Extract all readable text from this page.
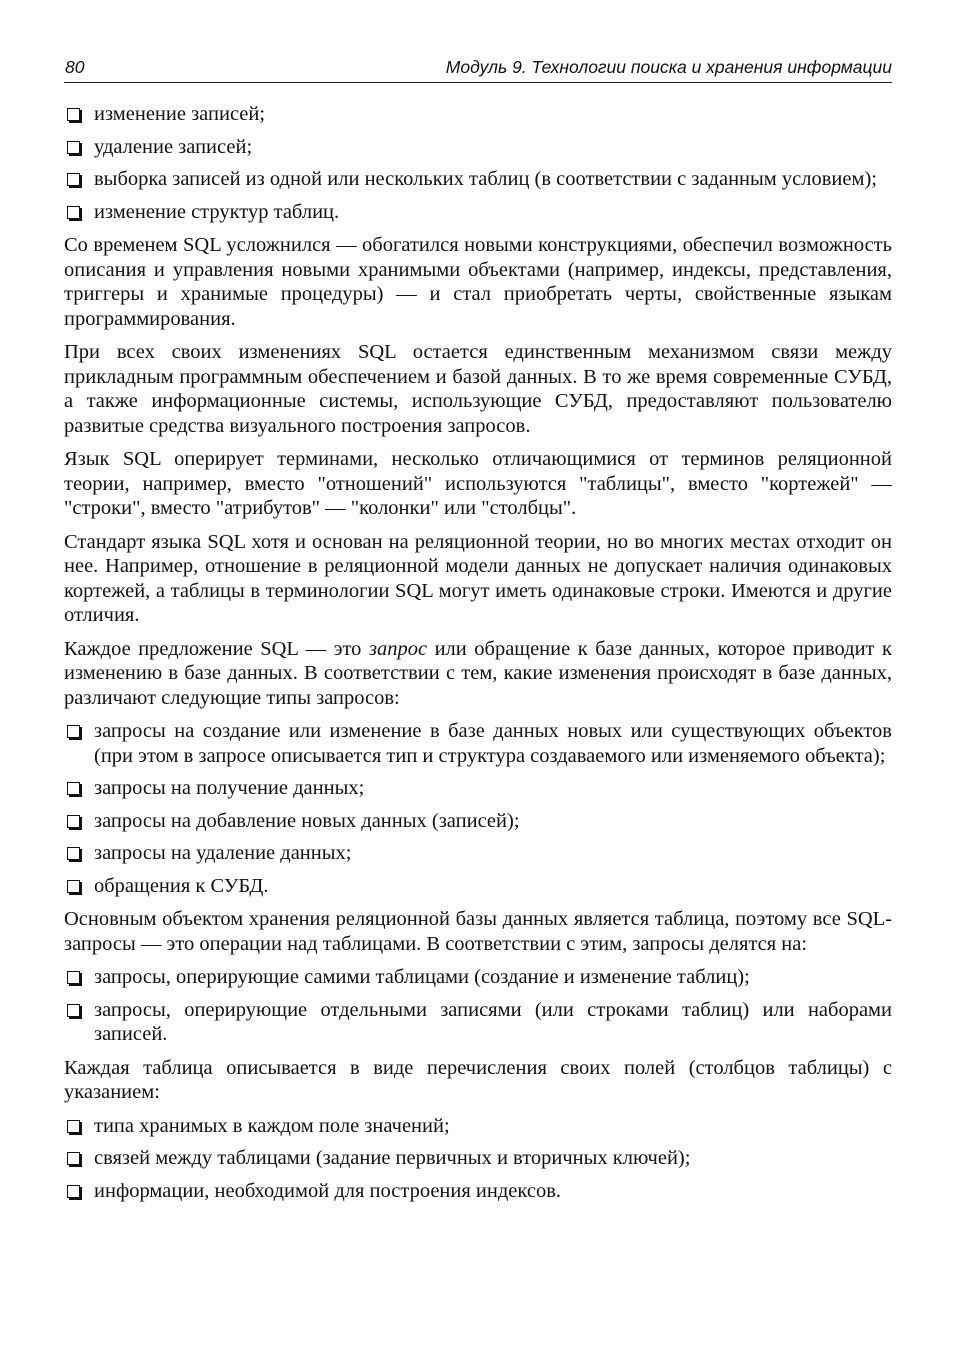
80	Модуль 9. Технологии поиска и хранения информации
изменение записей;
удаление записей;
выборка записей из одной или нескольких таблиц (в соответствии с заданным условием);
изменение структур таблиц.

Со временем SQL усложнился — обогатился новыми конструкциями, обеспечил возможность описания и управления новыми хранимыми объектами (например, индексы, представления, триггеры и хранимые процедуры) — и стал приобретать черты, свойственные языкам программирования.

При всех своих изменениях SQL остается единственным механизмом связи между прикладным программным обеспечением и базой данных. В то же время современные СУБД, а также информационные системы, использующие СУБД, предоставляют пользователю развитые средства визуального построения запросов.

Язык SQL оперирует терминами, несколько отличающимися от терминов реляционной теории, например, вместо "отношений" используются "таблицы", вместо "кортежей" — "строки", вместо "атрибутов" — "колонки" или "столбцы".

Стандарт языка SQL хотя и основан на реляционной теории, но во многих местах отходит он нее. Например, отношение в реляционной модели данных не допускает наличия одинаковых кортежей, а таблицы в терминологии SQL могут иметь одинаковые строки. Имеются и другие отличия.

Каждое предложение SQL — это запрос или обращение к базе данных, которое приводит к изменению в базе данных. В соответствии с тем, какие изменения происходят в базе данных, различают следующие типы запросов:

запросы на создание или изменение в базе данных новых или существующих объектов (при этом в запросе описывается тип и структура создаваемого или изменяемого объекта);
запросы на получение данных;
запросы на добавление новых данных (записей);
запросы на удаление данных;
обращения к СУБД.

Основным объектом хранения реляционной базы данных является таблица, поэтому все SQL-запросы — это операции над таблицами. В соответствии с этим, запросы делятся на:

запросы, оперирующие самими таблицами (создание и изменение таблиц);
запросы, оперирующие отдельными записями (или строками таблиц) или наборами записей.

Каждая таблица описывается в виде перечисления своих полей (столбцов таблицы) с указанием:

типа хранимых в каждом поле значений;
связей между таблицами (задание первичных и вторичных ключей);
информации, необходимой для построения индексов.
